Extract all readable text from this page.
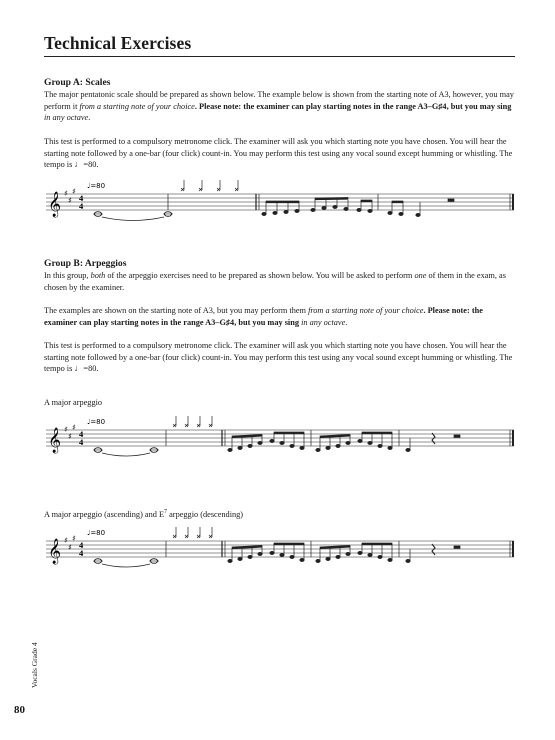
Technical Exercises
Group A: Scales

The major pentatonic scale should be prepared as shown below. The example below is shown from the starting note of A3, however, you may perform it from a starting note of your choice. Please note: the examiner can play starting notes in the range A3–G♯4, but you may sing in any octave.

This test is performed to a compulsory metronome click. The examiner will ask you which starting note you have chosen. You will hear the starting note followed by a one-bar (four click) count-in. You may perform this test using any vocal sound except humming or whistling. The tempo is ♩=80.

𝄞 ♯
♯
♯
4
4
♩=80
Group B: Arpeggios

In this group, both of the arpeggio exercises need to be prepared as shown below. You will be asked to perform one of them in the exam, as chosen by the examiner.

The examples are shown on the starting note of A3, but you may perform them from a starting note of your choice. Please note: the examiner can play starting notes in the range A3–G♯4, but you may sing in any octave.

This test is performed to a compulsory metronome click. The examiner will ask you which starting note you have chosen. You will hear the starting note followed by a one-bar (four click) count-in. You may perform this test using any vocal sound except humming or whistling. The tempo is ♩=80.

A major arpeggio
𝄞 ♯
♯
♯
4
4
♩=80
A major arpeggio (ascending) and $E^7$ arpeggio (descending)
𝄞 ♯
♯
♯
4
4
♩=80
Vocals Grade 4
80
